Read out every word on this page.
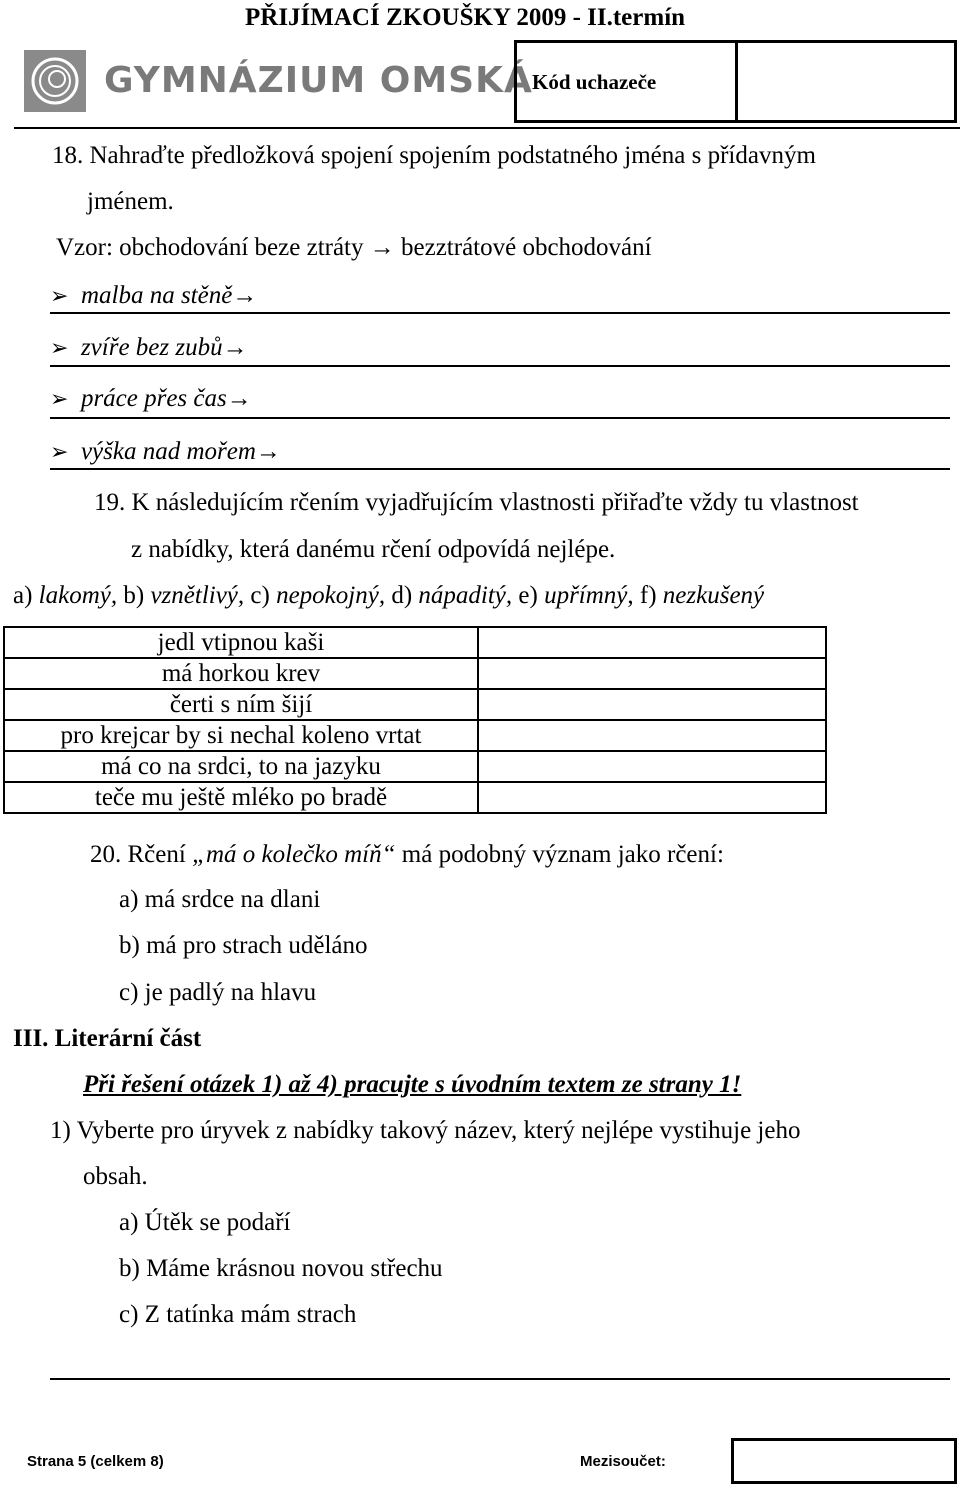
PŘIJÍMACÍ ZKOUŠKY 2009 - II.termín
GYMNÁZIUM OMSKÁ Kód uchazeče
18. Nahraďte předložková spojení spojením podstatného jména s přídavným
jménem.
Vzor: obchodování beze ztráty → bezztrátové obchodování
➢ malba na stěně→
➢ zvíře bez zubů→
➢ práce přes čas→
➢ výška nad mořem→
19. K následujícím rčením vyjadřujícím vlastnosti přiřaďte vždy tu vlastnost
z nabídky, která danému rčení odpovídá nejlépe.
a) lakomý, b) vznětlivý, c) nepokojný, d) nápaditý, e) upřímný, f) nezkušený
jedl vtipnou kaši	
má horkou krev	
čerti s ním šijí	
pro krejcar by si nechal koleno vrtat	
má co na srdci, to na jazyku	
teče mu ještě mléko po bradě	
20. Rčení „má o kolečko míň“ má podobný význam jako rčení:
a) má srdce na dlani
b) má pro strach uděláno
c) je padlý na hlavu
III. Literární část
Při řešení otázek 1) až 4) pracujte s úvodním textem ze strany 1!
1) Vyberte pro úryvek z nabídky takový název, který nejlépe vystihuje jeho
obsah.
a) Útěk se podaří
b) Máme krásnou novou střechu
c) Z tatínka mám strach
Strana 5 (celkem 8)	Mezisoučet:
